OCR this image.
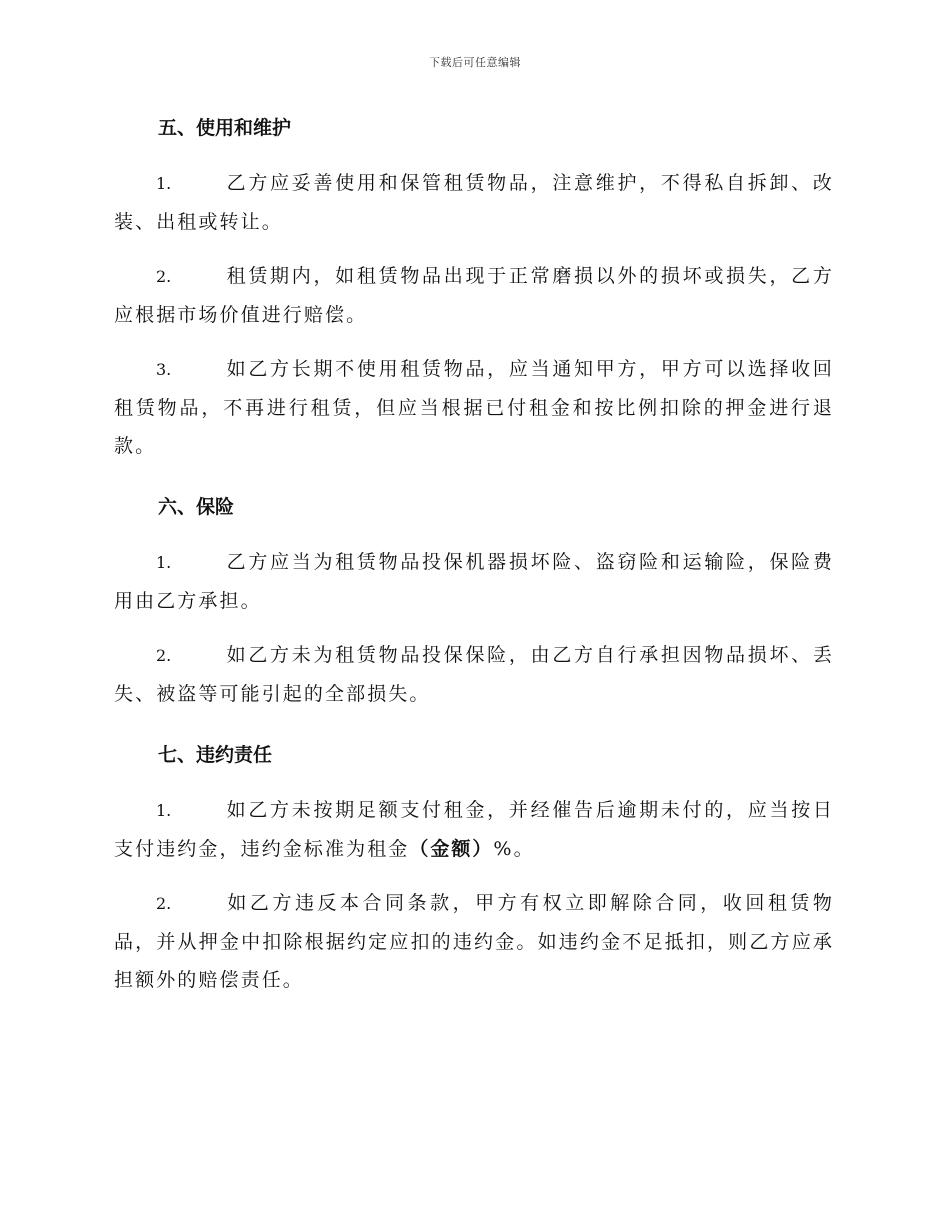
下载后可任意编辑
五、使用和维护

1.	乙方应妥善使用和保管租赁物品，注意维护，不得私自拆卸、改装、出租或转让。

2.	租赁期内，如租赁物品出现于正常磨损以外的损坏或损失，乙方应根据市场价值进行赔偿。

3.	如乙方长期不使用租赁物品，应当通知甲方，甲方可以选择收回租赁物品，不再进行租赁，但应当根据已付租金和按比例扣除的押金进行退款。

六、保险

1.	乙方应当为租赁物品投保机器损坏险、盗窃险和运输险，保险费用由乙方承担。

2.	如乙方未为租赁物品投保保险，由乙方自行承担因物品损坏、丢失、被盗等可能引起的全部损失。

七、违约责任

1.	如乙方未按期足额支付租金，并经催告后逾期未付的，应当按日支付违约金，违约金标准为租金（金额）%。

2.	如乙方违反本合同条款，甲方有权立即解除合同，收回租赁物品，并从押金中扣除根据约定应扣的违约金。如违约金不足抵扣，则乙方应承担额外的赔偿责任。
